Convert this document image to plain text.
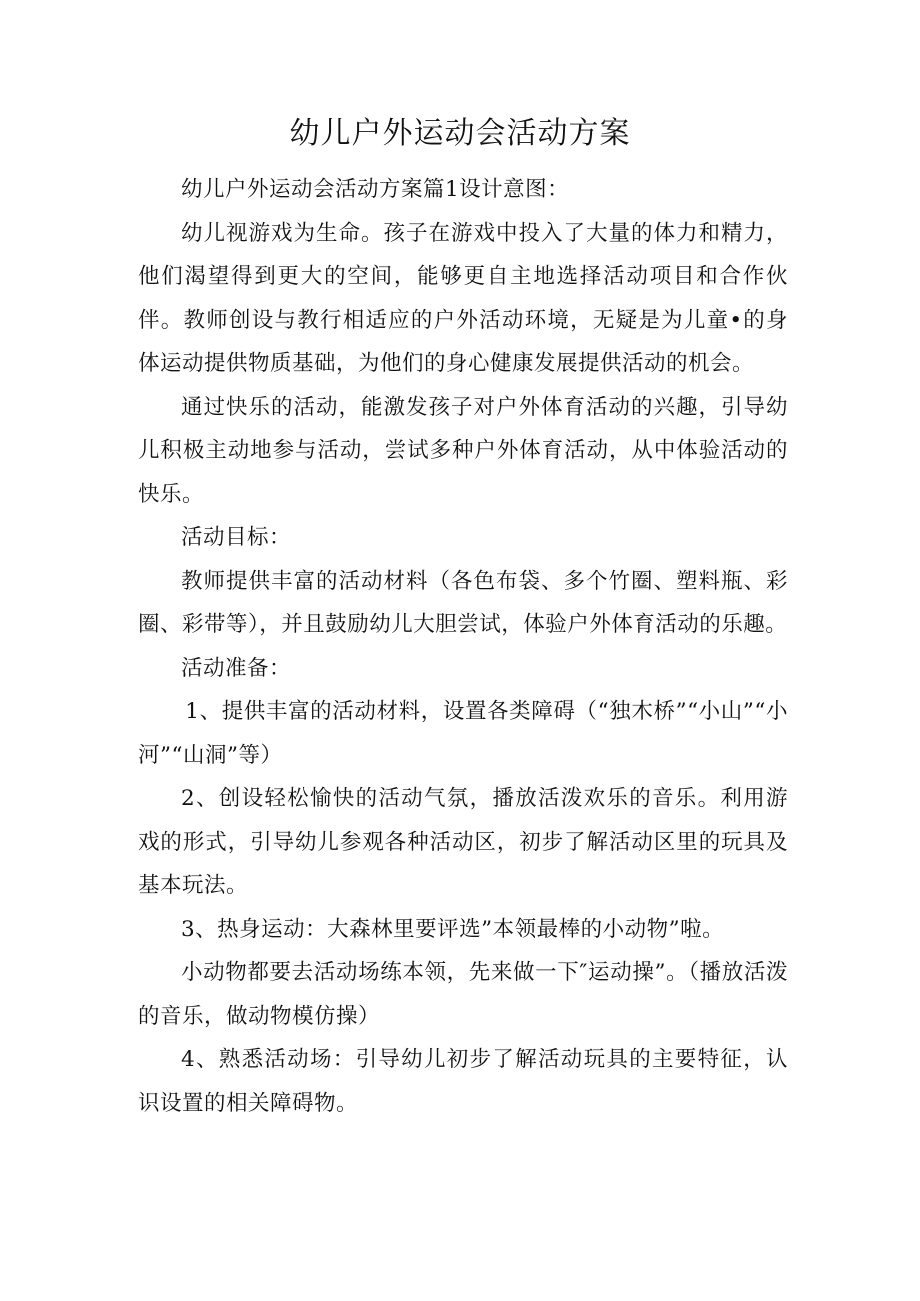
幼儿户外运动会活动方案

幼儿户外运动会活动方案篇1设计意图：

幼儿视游戏为生命。孩子在游戏中投入了大量的体力和精力，他们渴望得到更大的空间，能够更自主地选择活动项目和合作伙伴。教师创设与教行相适应的户外活动环境，无疑是为儿童•的身体运动提供物质基础，为他们的身心健康发展提供活动的机会。

通过快乐的活动，能激发孩子对户外体育活动的兴趣，引导幼儿积极主动地参与活动，尝试多种户外体育活动，从中体验活动的快乐。

活动目标：

教师提供丰富的活动材料（各色布袋、多个竹圈、塑料瓶、彩圈、彩带等），并且鼓励幼儿大胆尝试，体验户外体育活动的乐趣。

活动准备：

1、提供丰富的活动材料，设置各类障碍（“独木桥”“小山”“小河”“山洞”等）

2、创设轻松愉快的活动气氛，播放活泼欢乐的音乐。利用游戏的形式，引导幼儿参观各种活动区，初步了解活动区里的玩具及基本玩法。

3、热身运动：大森林里要评选”本领最棒的小动物”啦。

小动物都要去活动场练本领，先来做一下″运动操”。（播放活泼的音乐，做动物模仿操）

4、熟悉活动场：引导幼儿初步了解活动玩具的主要特征，认识设置的相关障碍物。
